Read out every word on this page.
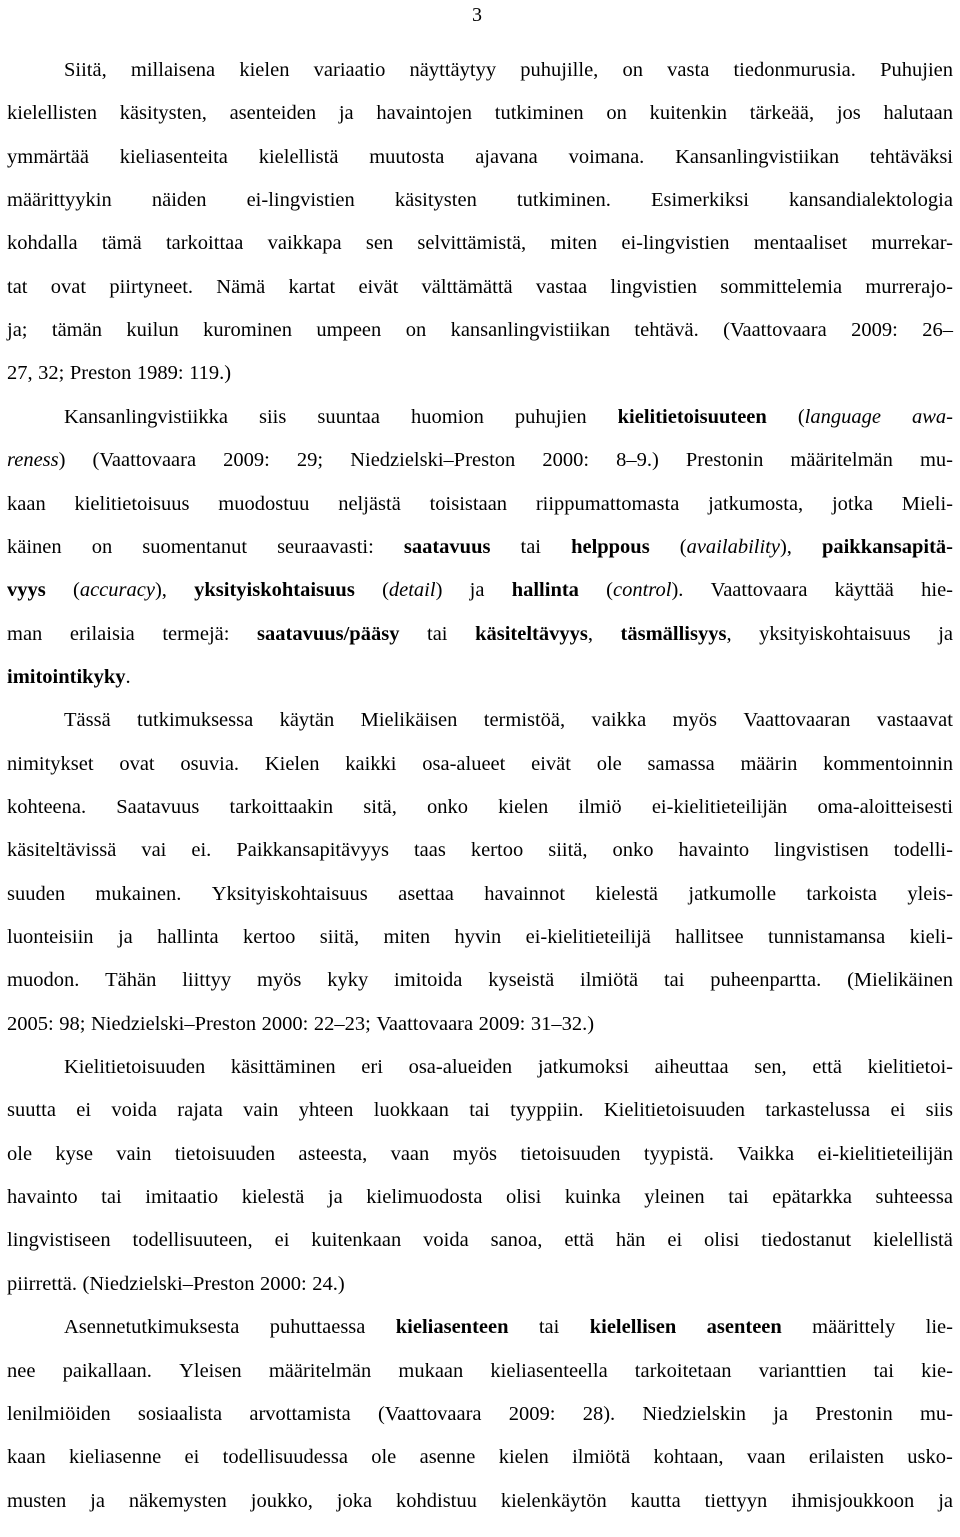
3
Siitä, millaisena kielen variaatio näyttäytyy puhujille, on vasta tiedonmurusia. Puhujien
kielellisten käsitysten, asenteiden ja havaintojen tutkiminen on kuitenkin tärkeää, jos halutaan
ymmärtää kieliasenteita kielellistä muutosta ajavana voimana. Kansanlingvistiikan tehtäväksi
määrittyykin näiden ei-lingvistien käsitysten tutkiminen. Esimerkiksi kansandialektologia
kohdalla tämä tarkoittaa vaikkapa sen selvittämistä, miten ei-lingvistien mentaaliset murrekar-
tat ovat piirtyneet. Nämä kartat eivät välttämättä vastaa lingvistien sommittelemia murrerajo-
ja; tämän kuilun kurominen umpeen on kansanlingvistiikan tehtävä. (Vaattovaara 2009: 26–
27, 32; Preston 1989: 119.)
Kansanlingvistiikka siis suuntaa huomion puhujien kielitietoisuuteen (language awa-
reness) (Vaattovaara 2009: 29; Niedzielski–Preston 2000: 8–9.) Prestonin määritelmän mu-
kaan kielitietoisuus muodostuu neljästä toisistaan riippumattomasta jatkumosta, jotka Mieli-
käinen on suomentanut seuraavasti: saatavuus tai helppous (availability), paikkansapitä-
vyys (accuracy), yksityiskohtaisuus (detail) ja hallinta (control). Vaattovaara käyttää hie-
man erilaisia termejä: saatavuus/pääsy tai käsiteltävyys, täsmällisyys, yksityiskohtaisuus ja
imitointikyky.
Tässä tutkimuksessa käytän Mielikäisen termistöä, vaikka myös Vaattovaaran vastaavat
nimitykset ovat osuvia. Kielen kaikki osa-alueet eivät ole samassa määrin kommentoinnin
kohteena. Saatavuus tarkoittaakin sitä, onko kielen ilmiö ei-kielitieteilijän oma-aloitteisesti
käsiteltävissä vai ei. Paikkansapitävyys taas kertoo siitä, onko havainto lingvistisen todelli-
suuden mukainen. Yksityiskohtaisuus asettaa havainnot kielestä jatkumolle tarkoista yleis-
luonteisiin ja hallinta kertoo siitä, miten hyvin ei-kielitieteilijä hallitsee tunnistamansa kieli-
muodon. Tähän liittyy myös kyky imitoida kyseistä ilmiötä tai puheenpartta. (Mielikäinen
2005: 98; Niedzielski–Preston 2000: 22–23; Vaattovaara 2009: 31–32.)
Kielitietoisuuden käsittäminen eri osa-alueiden jatkumoksi aiheuttaa sen, että kielitietoi-
suutta ei voida rajata vain yhteen luokkaan tai tyyppiin. Kielitietoisuuden tarkastelussa ei siis
ole kyse vain tietoisuuden asteesta, vaan myös tietoisuuden tyypistä. Vaikka ei-kielitieteilijän
havainto tai imitaatio kielestä ja kielimuodosta olisi kuinka yleinen tai epätarkka suhteessa
lingvistiseen todellisuuteen, ei kuitenkaan voida sanoa, että hän ei olisi tiedostanut kielellistä
piirrettä. (Niedzielski–Preston 2000: 24.)
Asennetutkimuksesta puhuttaessa kieliasenteen tai kielellisen asenteen määrittely lie-
nee paikallaan. Yleisen määritelmän mukaan kieliasenteella tarkoitetaan varianttien tai kie-
lenilmiöiden sosiaalista arvottamista (Vaattovaara 2009: 28). Niedzielskin ja Prestonin mu-
kaan kieliasenne ei todellisuudessa ole asenne kielen ilmiötä kohtaan, vaan erilaisten usko-
musten ja näkemysten joukko, joka kohdistuu kielenkäytön kautta tiettyyn ihmisjoukkoon ja
